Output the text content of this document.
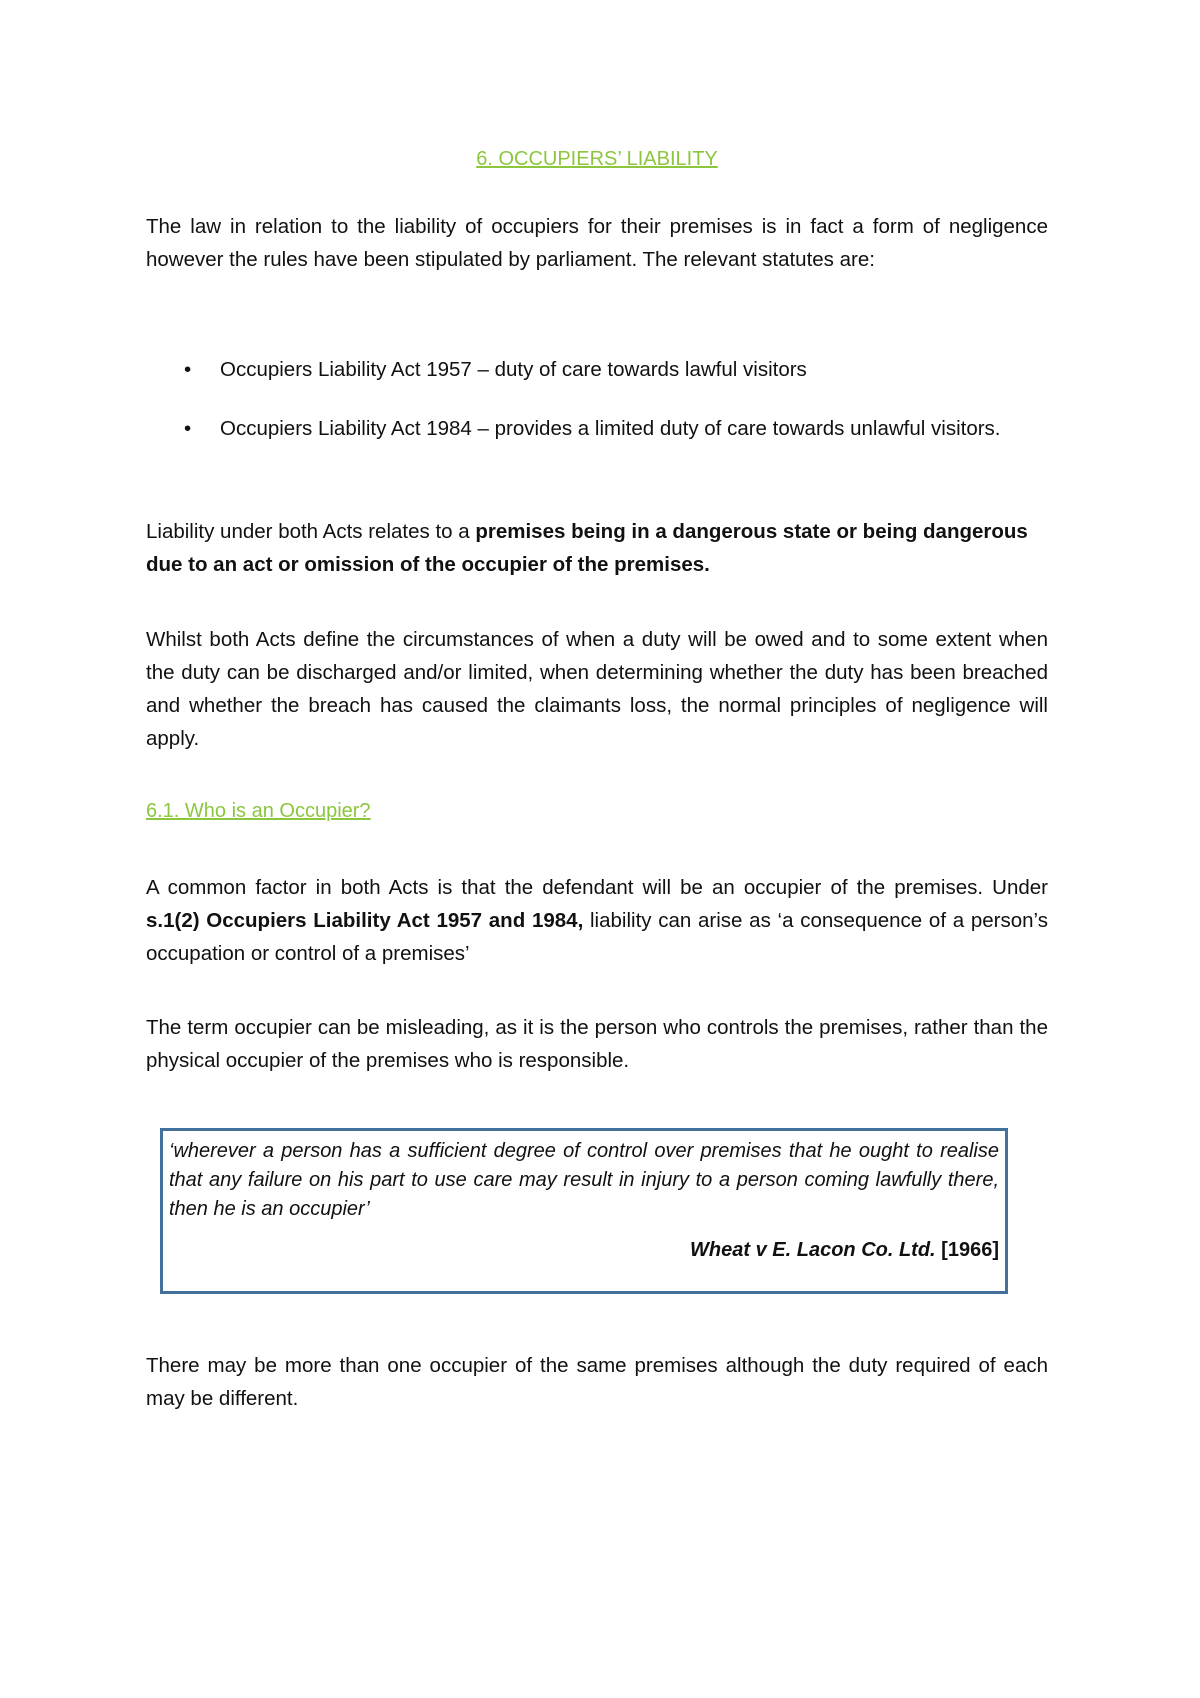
6. OCCUPIERS’ LIABILITY

The law in relation to the liability of occupiers for their premises is in fact a form of negligence however the rules have been stipulated by parliament. The relevant statutes are:

• Occupiers Liability Act 1957 – duty of care towards lawful visitors
• Occupiers Liability Act 1984 – provides a limited duty of care towards unlawful visitors.

Liability under both Acts relates to a premises being in a dangerous state or being dangerous due to an act or omission of the occupier of the premises.

Whilst both Acts define the circumstances of when a duty will be owed and to some extent when the duty can be discharged and/or limited, when determining whether the duty has been breached and whether the breach has caused the claimants loss, the normal principles of negligence will apply.

6.1. Who is an Occupier?

A common factor in both Acts is that the defendant will be an occupier of the premises. Under s.1(2) Occupiers Liability Act 1957 and 1984, liability can arise as ‘a consequence of a person’s occupation or control of a premises’

The term occupier can be misleading, as it is the person who controls the premises, rather than the physical occupier of the premises who is responsible.

‘wherever a person has a sufficient degree of control over premises that he ought to realise that any failure on his part to use care may result in injury to a person coming lawfully there, then he is an occupier’

Wheat v E. Lacon Co. Ltd. [1966]

There may be more than one occupier of the same premises although the duty required of each may be different.
